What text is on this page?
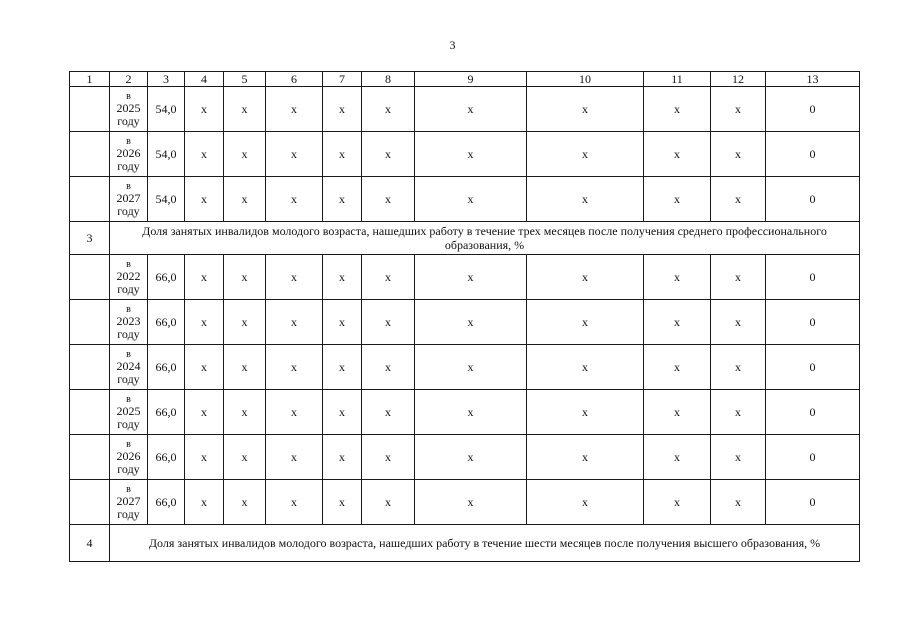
3
1	2	3	4	5	6	7	8	9	10	11	12	13

	в
2025
году	54,0	x	x	x	x	x	x	x	x	x	0

	в
2026
году	54,0	x	x	x	x	x	x	x	x	x	0

	в
2027
году	54,0	x	x	x	x	x	x	x	x	x	0
3	Доля занятых инвалидов молодого возраста, нашедших работу в течение трех месяцев после получения среднего профессионального образования, %											

	в
2022
году	66,0	x	x	x	x	x	x	x	x	x	0

	в
2023
году	66,0	x	x	x	x	x	x	x	x	x	0

	в
2024
году	66,0	x	x	x	x	x	x	x	x	x	0

	в
2025
году	66,0	x	x	x	x	x	x	x	x	x	0

	в
2026
году	66,0	x	x	x	x	x	x	x	x	x	0

	в
2027
году	66,0	x	x	x	x	x	x	x	x	x	0
4	Доля занятых инвалидов молодого возраста, нашедших работу в течение шести месяцев после получения высшего образования, %											
